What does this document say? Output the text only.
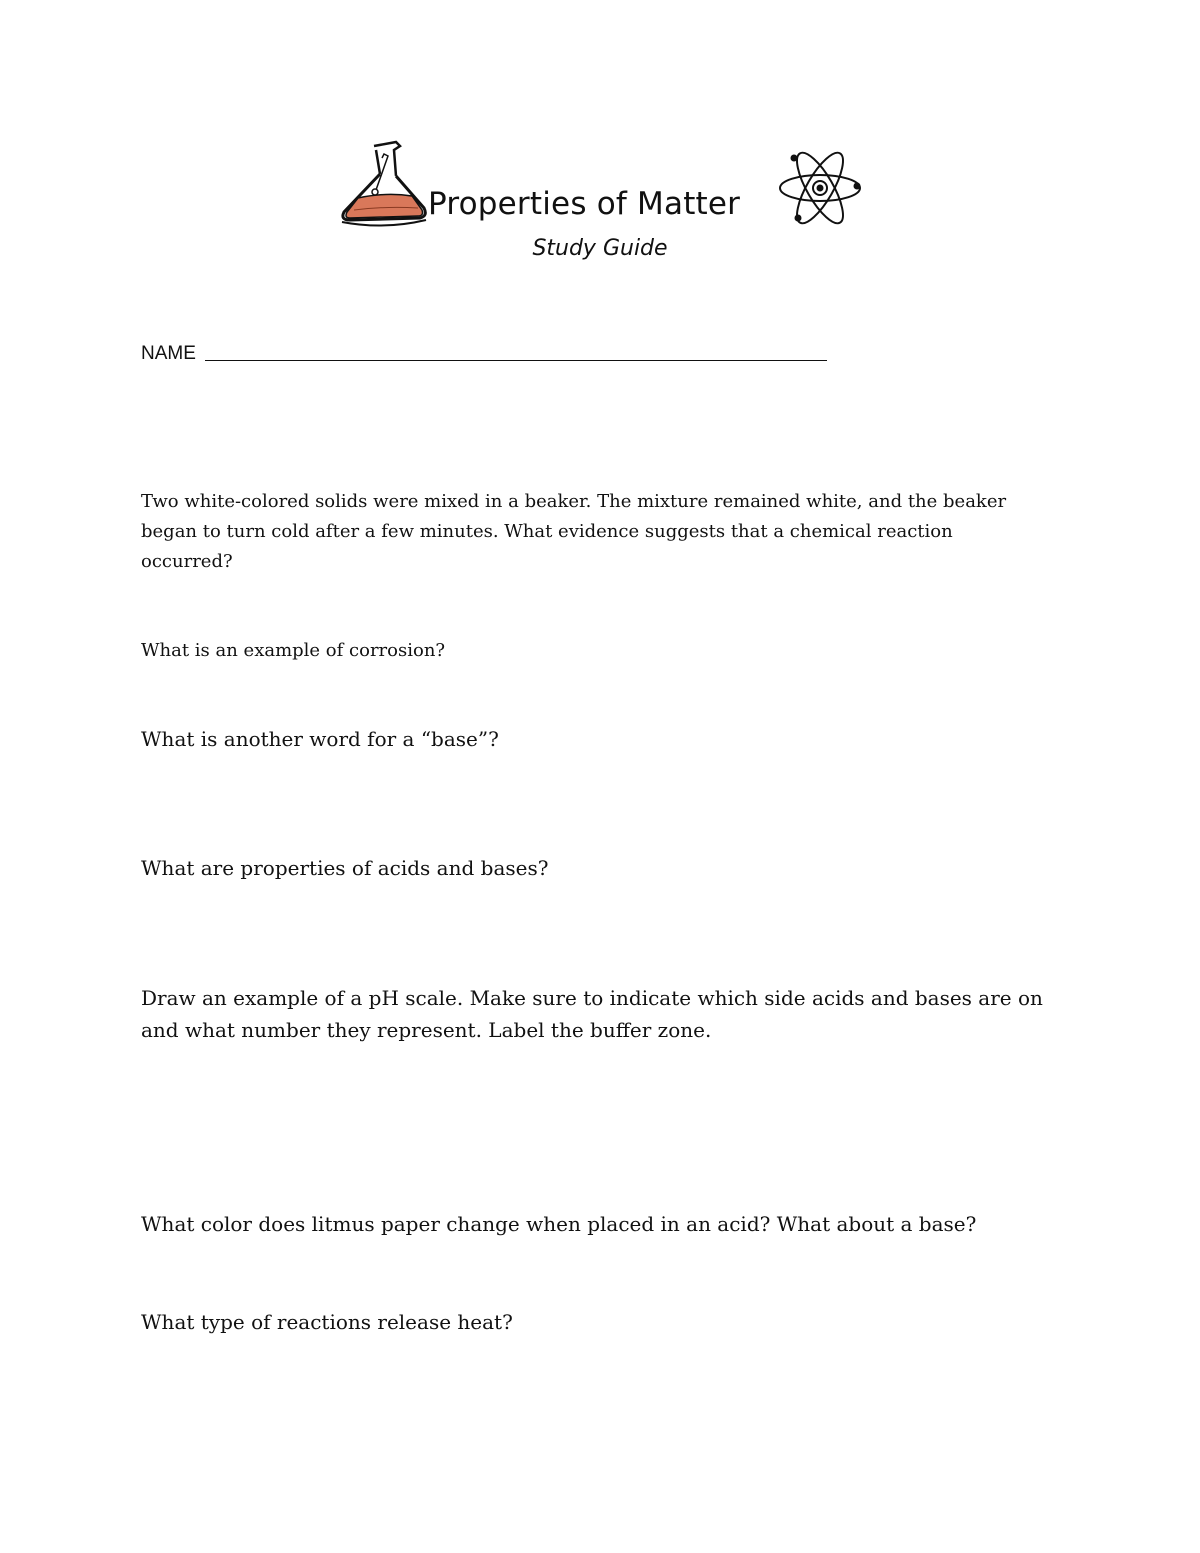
Properties of Matter
Study Guide
NAME

Two white-colored solids were mixed in a beaker. The mixture remained white, and the beaker began to turn cold after a few minutes. What evidence suggests that a chemical reaction occurred?

What is an example of corrosion?

What is another word for a “base”?

What are properties of acids and bases?

Draw an example of a pH scale. Make sure to indicate which side acids and bases are on and what number they represent. Label the buffer zone.

What color does litmus paper change when placed in an acid? What about a base?

What type of reactions release heat?
